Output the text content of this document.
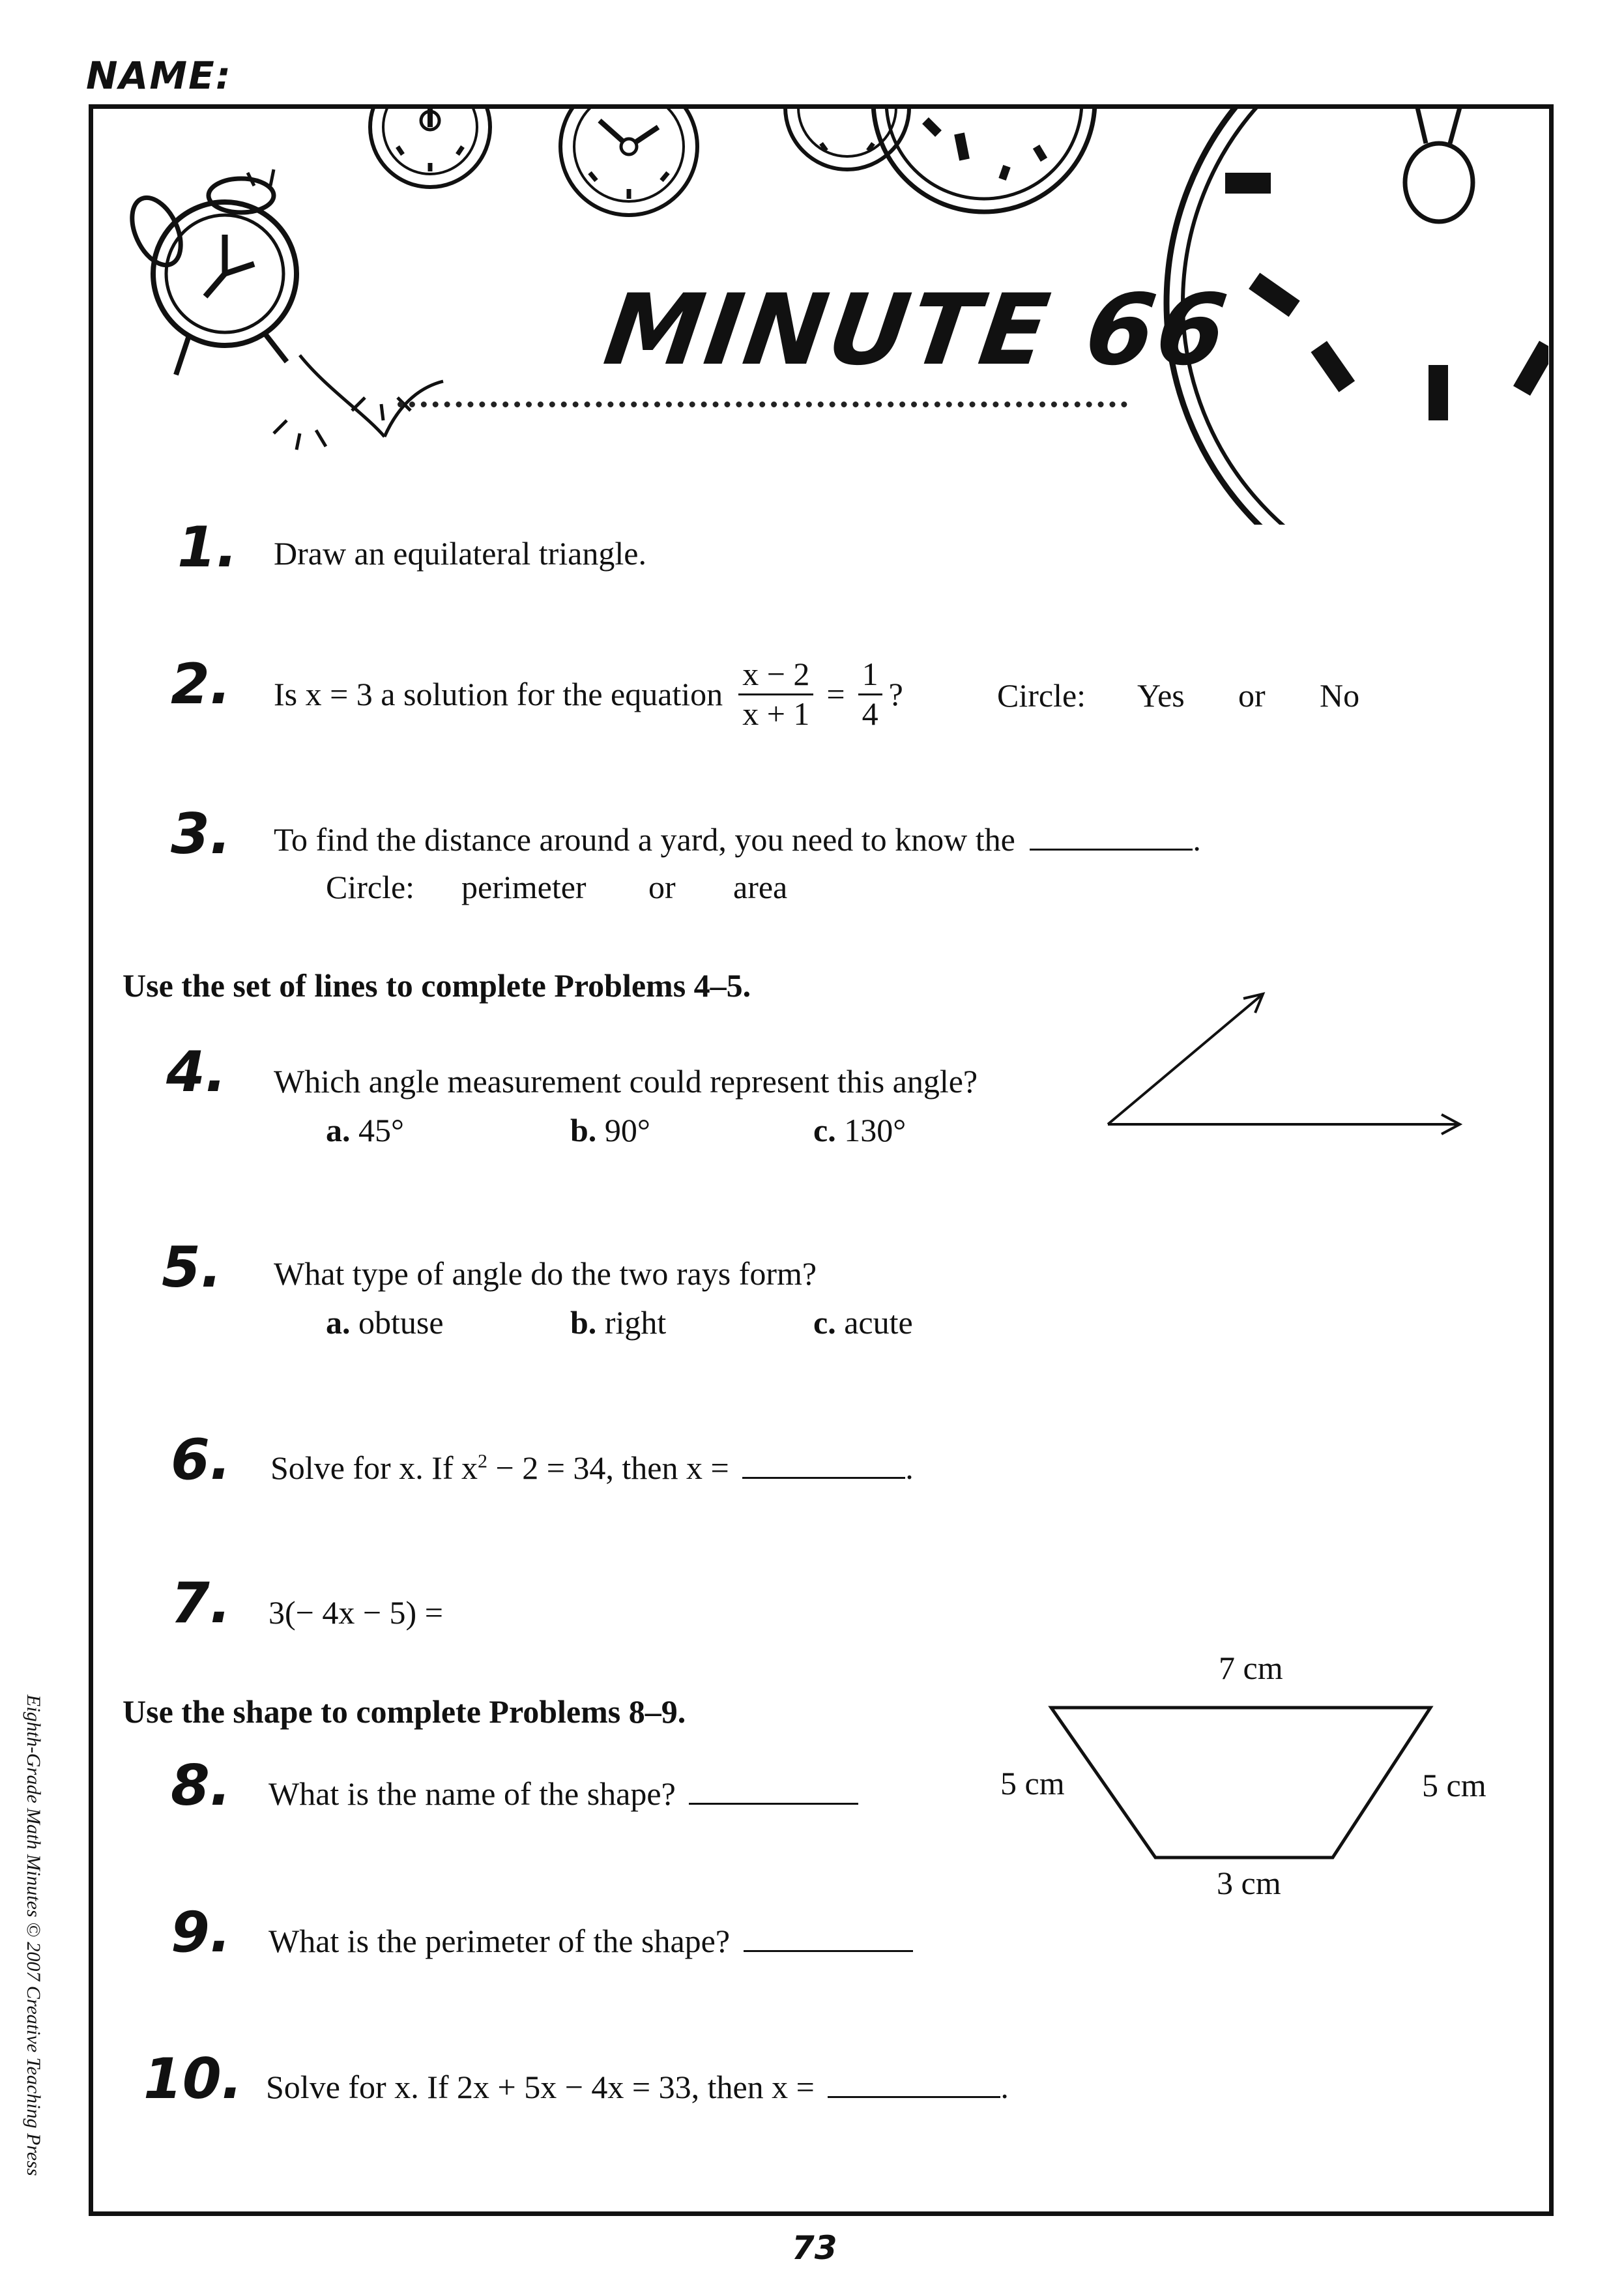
NAME:
MINUTE 66
1. Draw an equilateral triangle.
2. Is x = 3 a solution for the equation $\frac{x - 2}{x + 1} = \frac{1}{4}$ ?	Circle: Yes or No
3. To find the distance around a yard, you need to know the	.
Circle: perimeter or area
Use the set of lines to complete Problems 4–5.
4. Which angle measurement could represent this angle?
a. 45°	b. 90°	c. 130°
5. What type of angle do the two rays form?
a. obtuse	b. right	c. acute
6. Solve for x. If $x^2 - 2 = 34$, then x =	.
7. 3(− 4x − 5) =
Use the shape to complete Problems 8–9.
7 cm
5 cm	5 cm
3 cm
8. What is the name of the shape?
9. What is the perimeter of the shape?
10. Solve for x. If 2x + 5x − 4x = 33, then x =	.
Eighth-Grade Math Minutes © 2007 Creative Teaching Press
73
